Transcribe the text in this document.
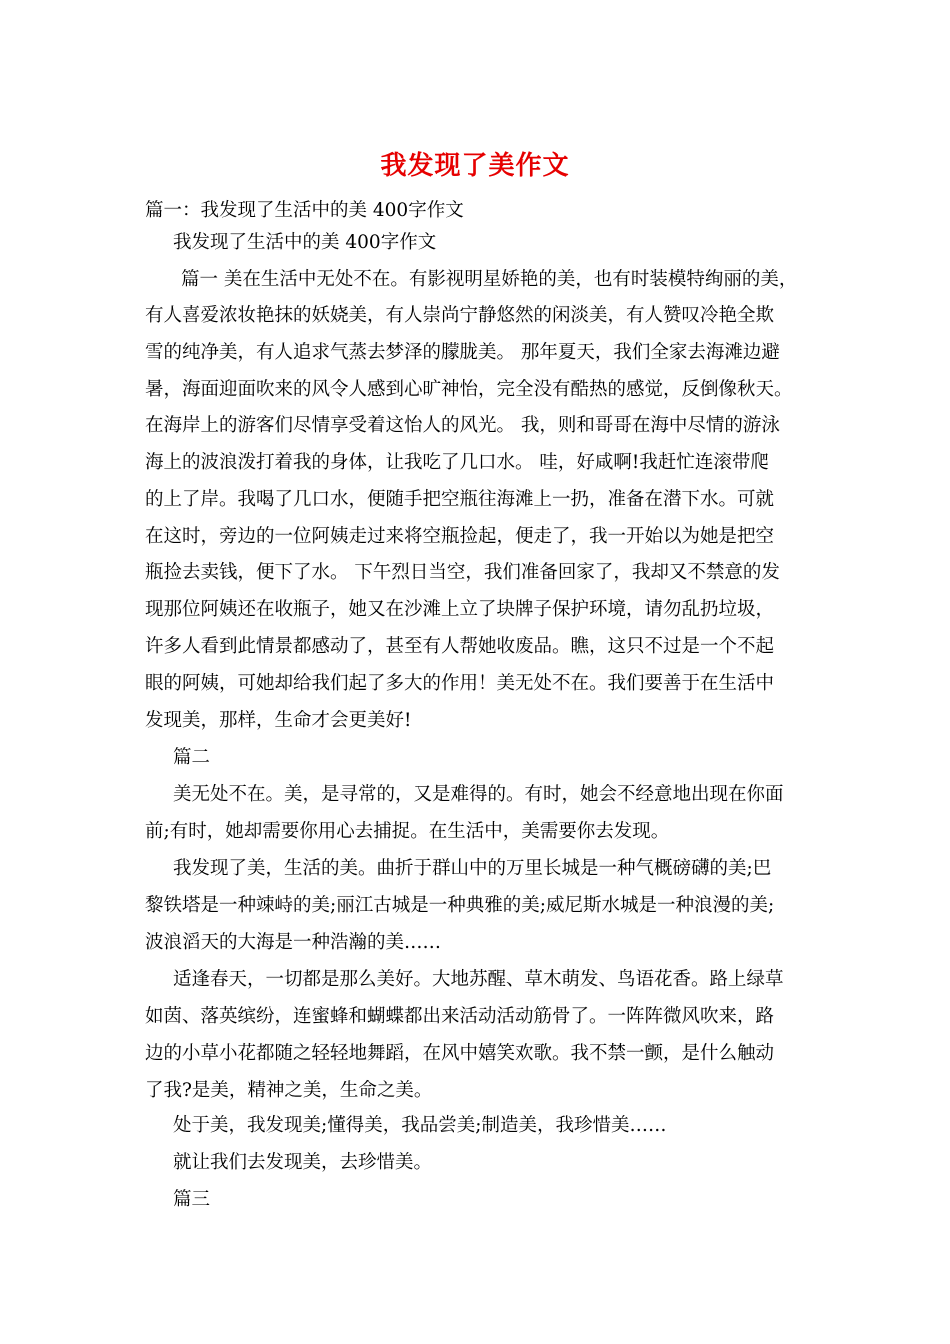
我发现了美作文
篇一：我发现了生活中的美 400字作文
我发现了生活中的美 400字作文
篇一 美在生活中无处不在。有影视明星娇艳的美，也有时装模特绚丽的美，
有人喜爱浓妆艳抹的妖娆美，有人崇尚宁静悠然的闲淡美，有人赞叹冷艳全欺
雪的纯净美，有人追求气蒸去梦泽的朦胧美。 那年夏天，我们全家去海滩边避
暑，海面迎面吹来的风令人感到心旷神怡，完全没有酷热的感觉，反倒像秋天。
在海岸上的游客们尽情享受着这怡人的风光。 我，则和哥哥在海中尽情的游泳
海上的波浪泼打着我的身体，让我吃了几口水。 哇，好咸啊!我赶忙连滚带爬
的上了岸。我喝了几口水，便随手把空瓶往海滩上一扔，准备在潜下水。可就
在这时，旁边的一位阿姨走过来将空瓶捡起，便走了，我一开始以为她是把空
瓶捡去卖钱，便下了水。 下午烈日当空，我们准备回家了，我却又不禁意的发
现那位阿姨还在收瓶子，她又在沙滩上立了块牌子保护环境，请勿乱扔垃圾，
许多人看到此情景都感动了，甚至有人帮她收废品。瞧，这只不过是一个不起
眼的阿姨，可她却给我们起了多大的作用！美无处不在。我们要善于在生活中
发现美，那样，生命才会更美好!
篇二
美无处不在。美，是寻常的，又是难得的。有时，她会不经意地出现在你面
前;有时，她却需要你用心去捕捉。在生活中，美需要你去发现。
我发现了美，生活的美。曲折于群山中的万里长城是一种气概磅礴的美;巴
黎铁塔是一种竦峙的美;丽江古城是一种典雅的美;威尼斯水城是一种浪漫的美;
波浪滔天的大海是一种浩瀚的美……
适逢春天，一切都是那么美好。大地苏醒、草木萌发、鸟语花香。路上绿草
如茵、落英缤纷，连蜜蜂和蝴蝶都出来活动活动筋骨了。一阵阵微风吹来，路
边的小草小花都随之轻轻地舞蹈，在风中嬉笑欢歌。我不禁一颤，是什么触动
了我?是美，精神之美，生命之美。
处于美，我发现美;懂得美，我品尝美;制造美，我珍惜美……
就让我们去发现美，去珍惜美。
篇三
